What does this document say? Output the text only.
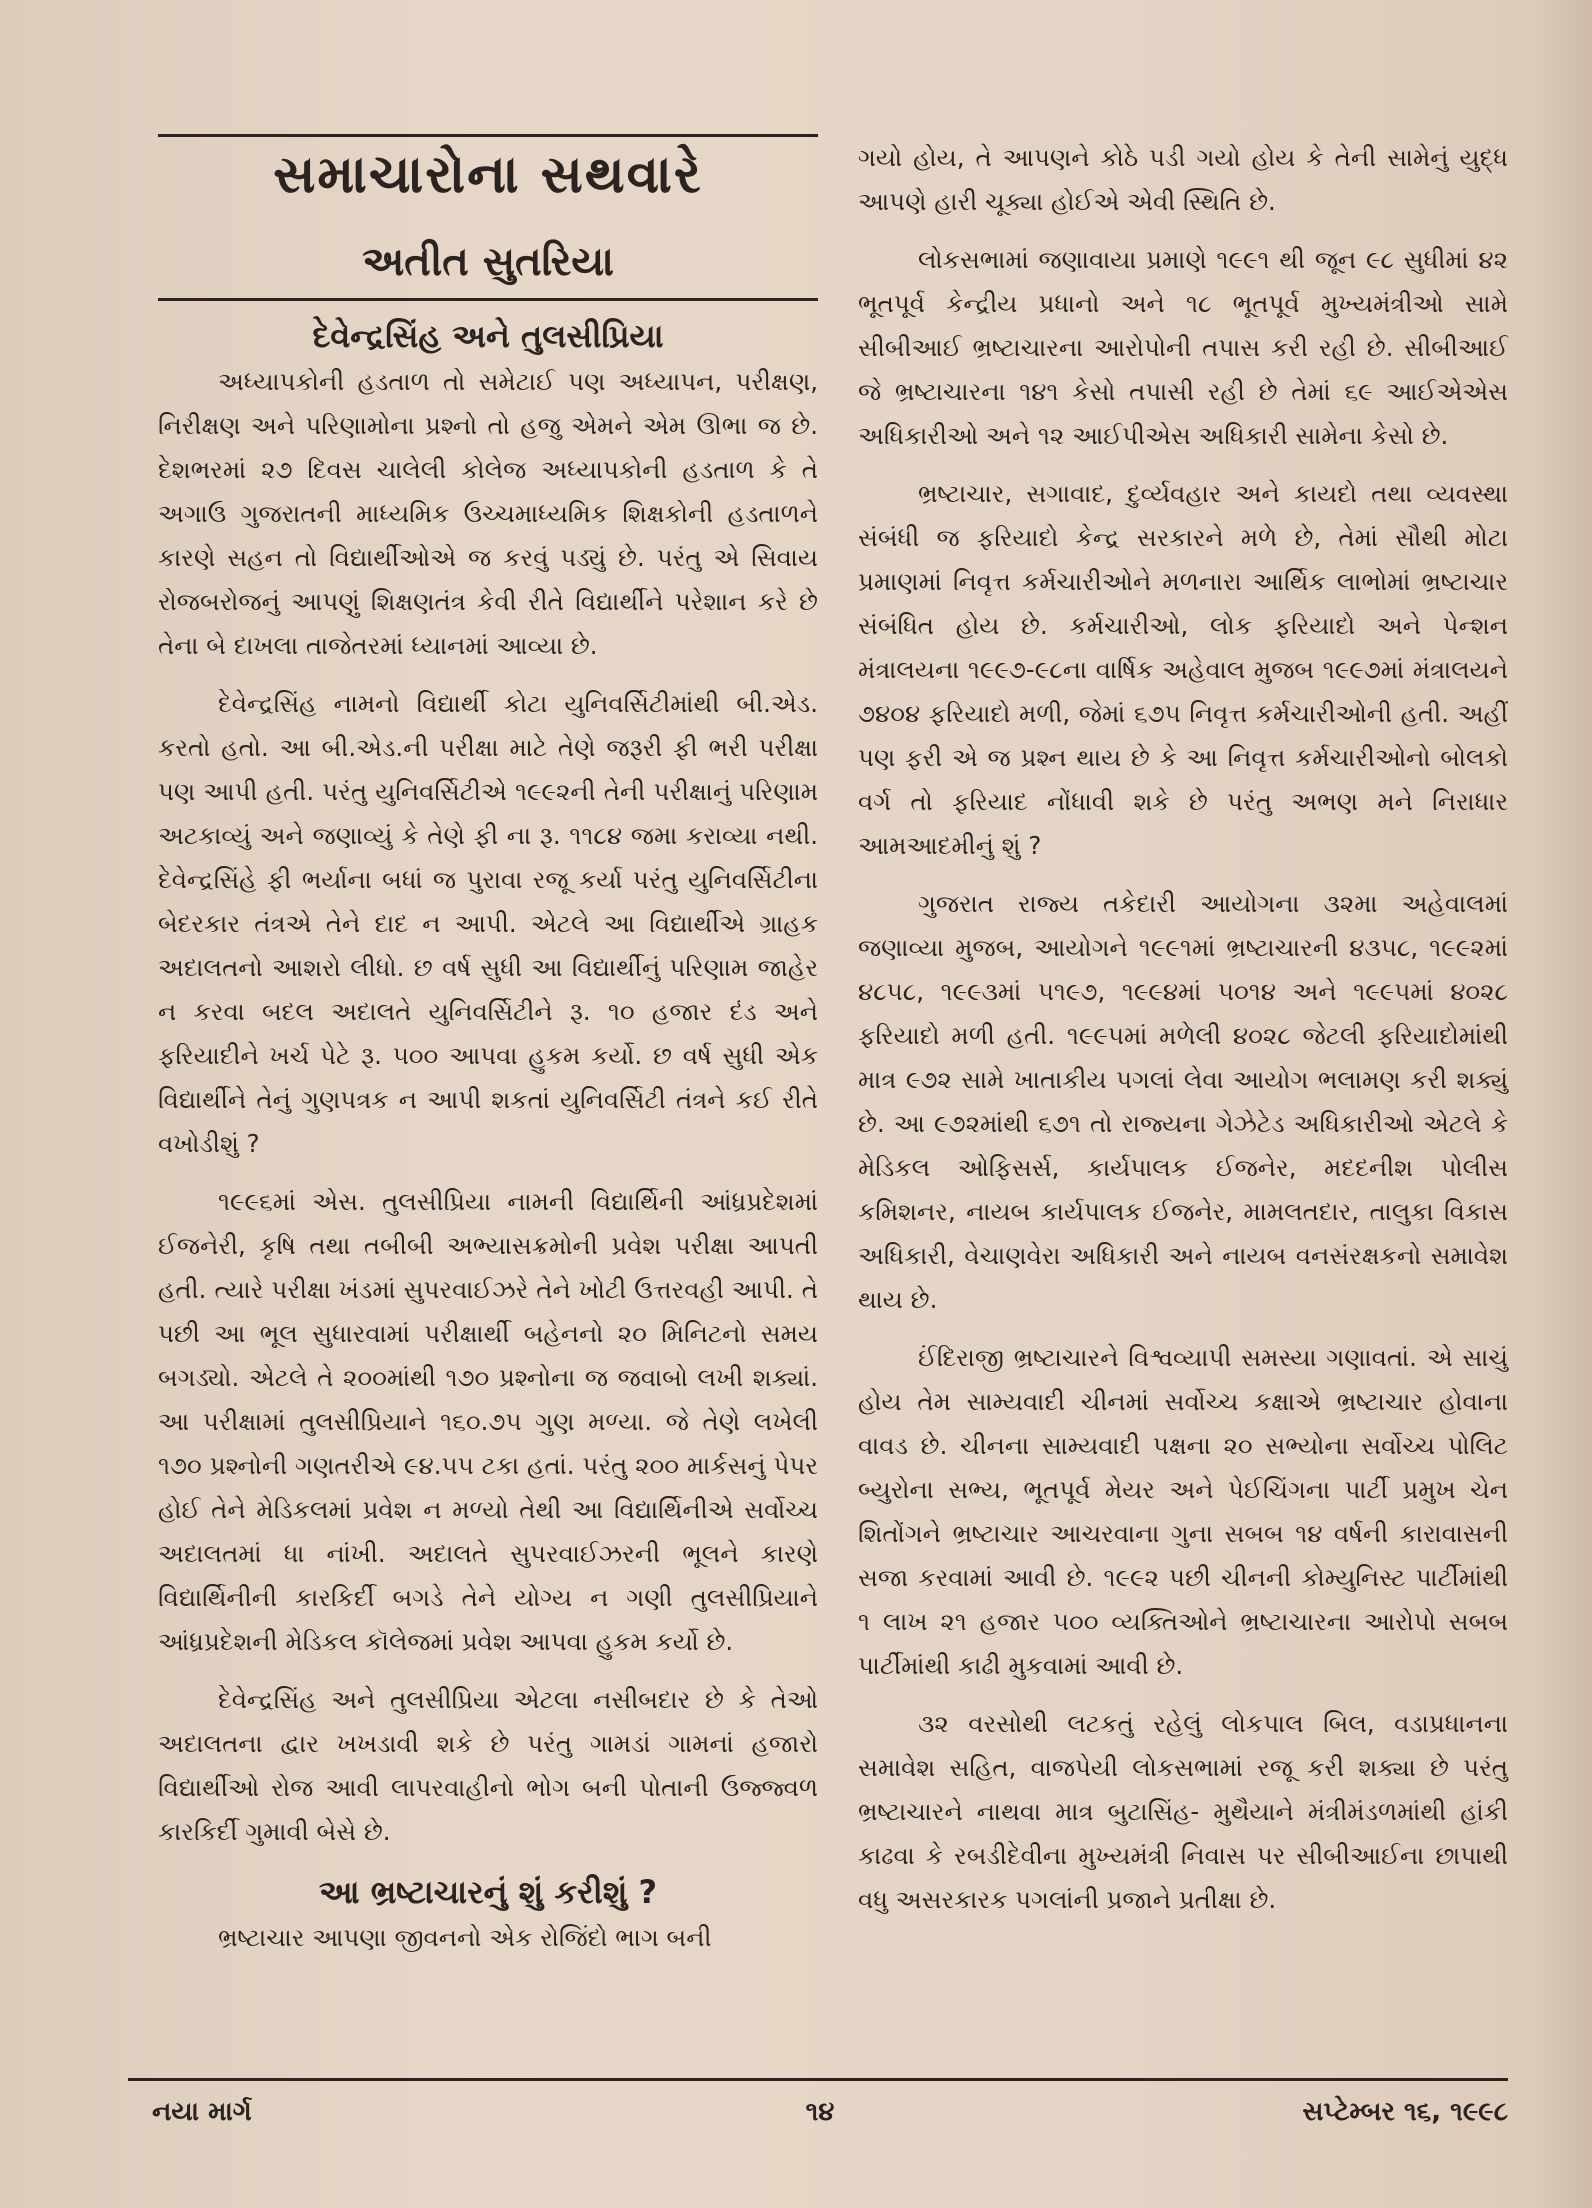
સમાચારોના સથવારે
અતીત સુતરિયા
દેવેન્દ્રસિંહ અને તુલસીપ્રિયા

અધ્યાપકોની હડતાળ તો સમેટાઈ પણ અધ્યાપન, પરીક્ષણ, નિરીક્ષણ અને પરિણામોના પ્રશ્નો તો હજુ એમને એમ ઊભા જ છે. દેશભરમાં ૨૭ દિવસ ચાલેલી કોલેજ અધ્યાપકોની હડતાળ કે તે અગાઉ ગુજરાતની માધ્યમિક ઉચ્ચમાધ્યમિક શિક્ષકોની હડતાળને કારણે સહન તો વિદ્યાર્થીઓએ જ કરવું પડ્યું છે. પરંતુ એ સિવાય રોજબરોજનું આપણું શિક્ષણતંત્ર કેવી રીતે વિદ્યાર્થીને પરેશાન કરે છે તેના બે દાખલા તાજેતરમાં ધ્યાનમાં આવ્યા છે.

દેવેન્દ્રસિંહ નામનો વિદ્યાર્થી કોટા યુનિવર્સિટીમાંથી બી.એડ. કરતો હતો. આ બી.એડ.ની પરીક્ષા માટે તેણે જરૂરી ફી ભરી પરીક્ષા પણ આપી હતી. પરંતુ યુનિવર્સિટીએ ૧૯૯૨ની તેની પરીક્ષાનું પરિણામ અટકાવ્યું અને જણાવ્યું કે તેણે ફી ના રૂ. ૧૧૮૪ જમા કરાવ્યા નથી. દેવેન્દ્રસિંહે ફી ભર્યાના બધાં જ પુરાવા રજૂ કર્યા પરંતુ યુનિવર્સિટીના બેદરકાર તંત્રએ તેને દાદ ન આપી. એટલે આ વિદ્યાર્થીએ ગ્રાહક અદાલતનો આશરો લીધો. છ વર્ષ સુધી આ વિદ્યાર્થીનું પરિણામ જાહેર ન કરવા બદલ અદાલતે યુનિવર્સિટીને રૂ. ૧૦ હજાર દંડ અને ફરિયાદીને ખર્ચ પેટે રૂ. ૫૦૦ આપવા હુકમ કર્યો. છ વર્ષ સુધી એક વિદ્યાર્થીને તેનું ગુણપત્રક ન આપી શકતાં યુનિવર્સિટી તંત્રને કઈ રીતે વખોડીશું ?

૧૯૯૬માં એસ. તુલસીપ્રિયા નામની વિદ્યાર્થિની આંધ્રપ્રદેશમાં ઈજનેરી, કૃષિ તથા તબીબી અભ્યાસક્રમોની પ્રવેશ પરીક્ષા આપતી હતી. ત્યારે પરીક્ષા ખંડમાં સુપરવાઈઝરે તેને ખોટી ઉત્તરવહી આપી. તે પછી આ ભૂલ સુધારવામાં પરીક્ષાર્થી બહેનનો ૨૦ મિનિટનો સમય બગડ્યો. એટલે તે ૨૦૦માંથી ૧૭૦ પ્રશ્નોના જ જવાબો લખી શક્યાં. આ પરીક્ષામાં તુલસીપ્રિયાને ૧૬૦.૭૫ ગુણ મળ્યા. જે તેણે લખેલી ૧૭૦ પ્રશ્નોની ગણતરીએ ૯૪.૫૫ ટકા હતાં. પરંતુ ૨૦૦ માર્કસનું પેપર હોઈ તેને મેડિકલમાં પ્રવેશ ન મળ્યો તેથી આ વિદ્યાર્થિનીએ સર્વોચ્ચ અદાલતમાં ધા નાંખી. અદાલતે સુપરવાઈઝરની ભૂલને કારણે વિદ્યાર્થિનીની કારકિર્દી બગડે તેને યોગ્ય ન ગણી તુલસીપ્રિયાને આંધ્રપ્રદેશની મેડિકલ કૉલેજમાં પ્રવેશ આપવા હુકમ કર્યો છે.

દેવેન્દ્રસિંહ અને તુલસીપ્રિયા એટલા નસીબદાર છે કે તેઓ અદાલતના દ્વાર ખખડાવી શકે છે પરંતુ ગામડાં ગામનાં હજારો વિદ્યાર્થીઓ રોજ આવી લાપરવાહીનો ભોગ બની પોતાની ઉજ્જ્વળ કારકિર્દી ગુમાવી બેસે છે.

આ ભ્રષ્ટાચારનું શું કરીશું ?

ભ્રષ્ટાચાર આપણા જીવનનો એક રોજિંદો ભાગ બની

ગયો હોય, તે આપણને કોઠે પડી ગયો હોય કે તેની સામેનું યુદ્ધ આપણે હારી ચૂક્યા હોઈએ એવી સ્થિતિ છે.

લોકસભામાં જણાવાયા પ્રમાણે ૧૯૯૧ થી જૂન ૯૮ સુધીમાં ૪૨ ભૂતપૂર્વ કેન્દ્રીય પ્રધાનો અને ૧૮ ભૂતપૂર્વ મુખ્યમંત્રીઓ સામે સીબીઆઈ ભ્રષ્ટાચારના આરોપોની તપાસ કરી રહી છે. સીબીઆઈ જે ભ્રષ્ટાચારના ૧૪૧ કેસો તપાસી રહી છે તેમાં ૬૯ આઈએએસ અધિકારીઓ અને ૧૨ આઈપીએસ અધિકારી સામેના કેસો છે.

ભ્રષ્ટાચાર, સગાવાદ, દુર્વ્યવહાર અને કાયદો તથા વ્યવસ્થા સંબંધી જ ફરિયાદો કેન્દ્ર સરકારને મળે છે, તેમાં સૌથી મોટા પ્રમાણમાં નિવૃત્ત કર્મચારીઓને મળનારા આર્થિક લાભોમાં ભ્રષ્ટાચાર સંબંધિત હોય છે. કર્મચારીઓ, લોક ફરિયાદો અને પેન્શન મંત્રાલયના ૧૯૯૭-૯૮ના વાર્ષિક અહેવાલ મુજબ ૧૯૯૭માં મંત્રાલયને ૭૪૦૪ ફરિયાદો મળી, જેમાં ૬૭૫ નિવૃત્ત કર્મચારીઓની હતી. અહીં પણ ફરી એ જ પ્રશ્ન થાય છે કે આ નિવૃત્ત કર્મચારીઓનો બોલકો વર્ગ તો ફરિયાદ નોંધાવી શકે છે પરંતુ અભણ મને નિરાધાર આમઆદમીનું શું ?

ગુજરાત રાજ્ય તકેદારી આયોગના ૩૨મા અહેવાલમાં જણાવ્યા મુજબ, આયોગને ૧૯૯૧માં ભ્રષ્ટાચારની ૪૩૫૮, ૧૯૯૨માં ૪૮૫૮, ૧૯૯૩માં ૫૧૯૭, ૧૯૯૪માં ૫૦૧૪ અને ૧૯૯૫માં ૪૦૨૮ ફરિયાદો મળી હતી. ૧૯૯૫માં મળેલી ૪૦૨૮ જેટલી ફરિયાદોમાંથી માત્ર ૯૭૨ સામે ખાતાકીય પગલાં લેવા આયોગ ભલામણ કરી શક્યું છે. આ ૯૭૨માંથી ૬૭૧ તો રાજ્યના ગેઝેટેડ અધિકારીઓ એટલે કે મેડિકલ ઓફિસર્સ, કાર્યપાલક ઈજનેર, મદદનીશ પોલીસ કમિશનર, નાયબ કાર્યપાલક ઈજનેર, મામલતદાર, તાલુકા વિકાસ અધિકારી, વેચાણવેરા અધિકારી અને નાયબ વનસંરક્ષકનો સમાવેશ થાય છે.

ઈંદિરાજી ભ્રષ્ટાચારને વિશ્વવ્યાપી સમસ્યા ગણાવતાં. એ સાચું હોય તેમ સામ્યવાદી ચીનમાં સર્વોચ્ચ કક્ષાએ ભ્રષ્ટાચાર હોવાના વાવડ છે. ચીનના સામ્યવાદી પક્ષના ૨૦ સભ્યોના સર્વોચ્ચ પોલિટ બ્યુરોના સભ્ય, ભૂતપૂર્વ મેયર અને પેઈચિંગના પાર્ટી પ્રમુખ ચેન શિતોંગને ભ્રષ્ટાચાર આચરવાના ગુના સબબ ૧૪ વર્ષની કારાવાસની સજા કરવામાં આવી છે. ૧૯૯૨ પછી ચીનની કોમ્યુનિસ્ટ પાર્ટીમાંથી ૧ લાખ ૨૧ હજાર ૫૦૦ વ્યક્તિઓને ભ્રષ્ટાચારના આરોપો સબબ પાર્ટીમાંથી કાઢી મુકવામાં આવી છે.

૩૨ વરસોથી લટકતું રહેલું લોકપાલ બિલ, વડાપ્રધાનના સમાવેશ સહિત, વાજપેયી લોકસભામાં રજૂ કરી શક્યા છે પરંતુ ભ્રષ્ટાચારને નાથવા માત્ર બુટાસિંહ- મુથૈયાને મંત્રીમંડળમાંથી હાંકી કાઢવા કે રબડીદેવીના મુખ્યમંત્રી નિવાસ પર સીબીઆઈના છાપાથી વધુ અસરકારક પગલાંની પ્રજાને પ્રતીક્ષા છે.

નયા માર્ગ	૧૪	સપ્ટેમ્બર ૧૬, ૧૯૯૮
